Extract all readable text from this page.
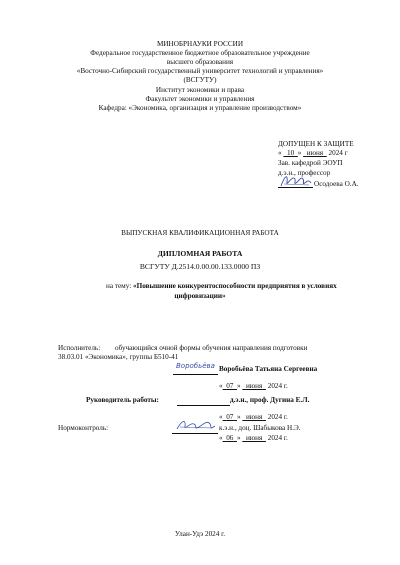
МИНОБРНАУКИ РОССИИ
Федеральное государственное бюджетное образовательное учреждение
высшего образования
«Восточно-Сибирский государственный университет технологий и управления»
(ВСГУТУ)
Институт экономики и права
Факультет экономики и управления
Кафедра: «Экономика, организация и управление производством»
ДОПУЩЕН К ЗАЩИТЕ
« 10 » июня 2024 г
Зав. кафедрой ЭОУП
д.э.н., профессор
Осодоева О.А.
ВЫПУСКНАЯ КВАЛИФИКАЦИОННАЯ РАБОТА
ДИПЛОМНАЯ РАБОТА
ВСГУТУ Д.2514.0.00.00.133.0000 ПЗ
на тему: «Повышение конкурентоспособности предприятия в условиях
цифровизации»
Исполнитель: обучающийся очной формы обучения направления подготовки
38.03.01 «Экономика», группы Б510-41
Воробьёва Воробьёва Татьяна Сергеевна
« 07 »   июня 2024 г.
Руководитель работы:	д.э.н., проф. Дугина Е.Л.
« 07 »   июня 2024 г.
Нормоконтроль:	к.э.н., доц. Шабыкова Н.Э.
« 06 »   июня 2024 г.
Улан-Удэ 2024 г.
